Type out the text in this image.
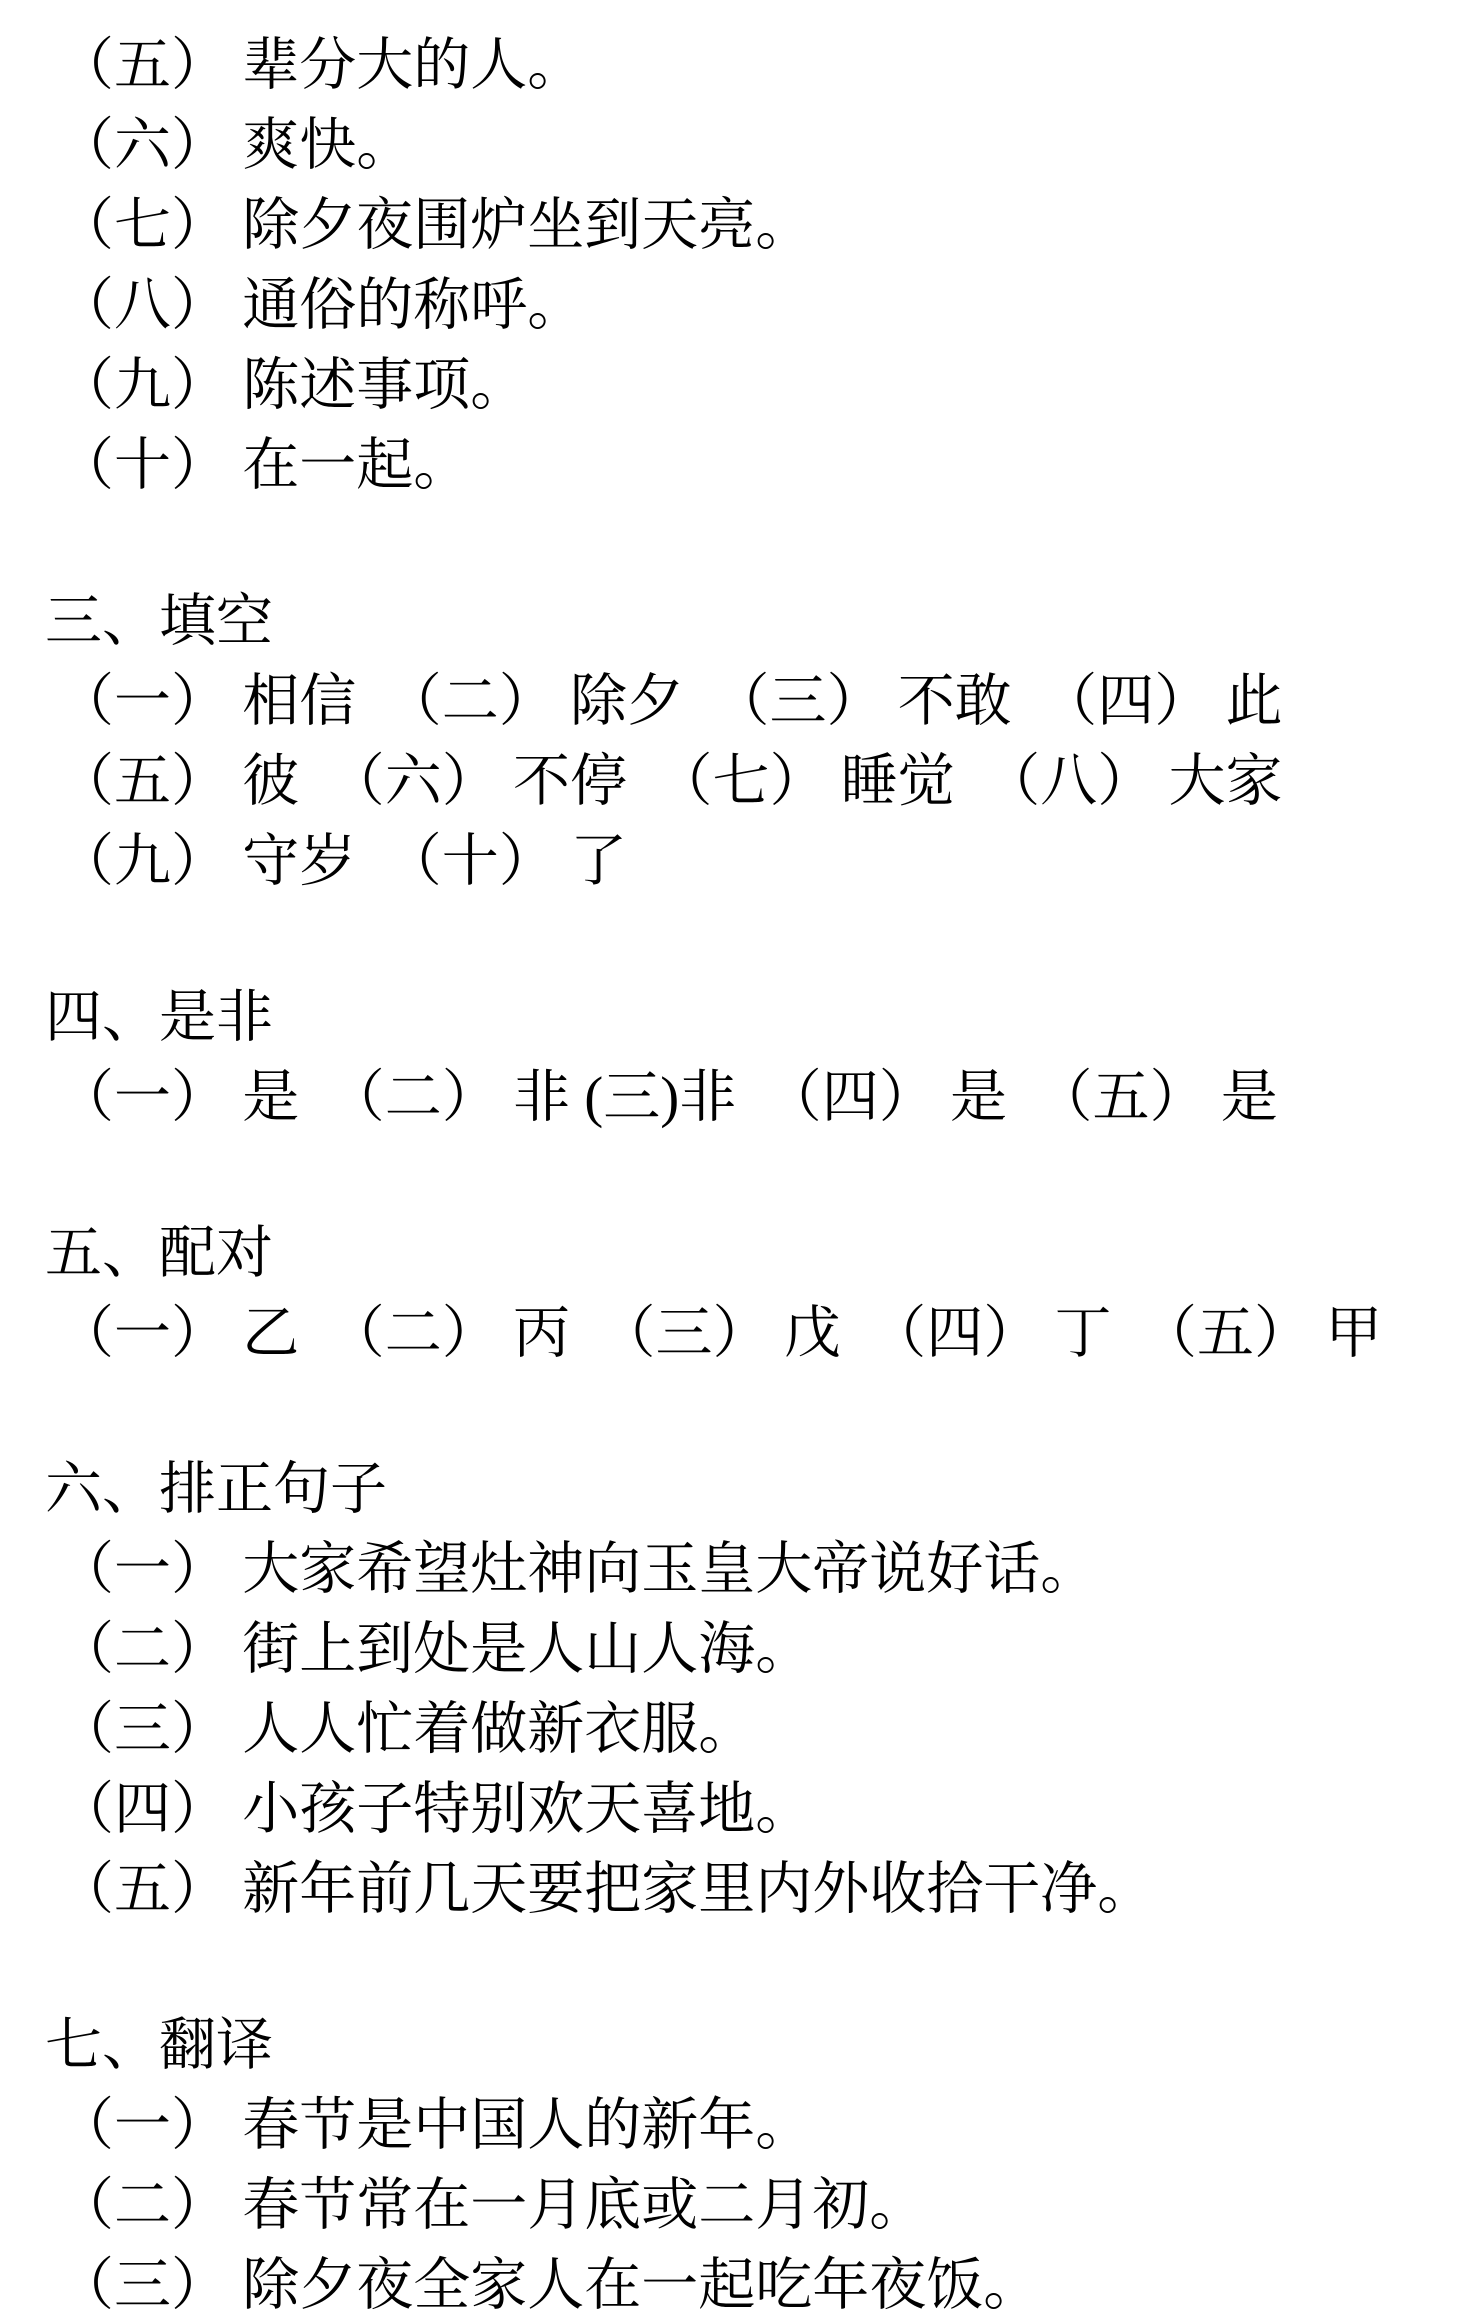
（五） 辈分大的人。
（六） 爽快。
（七） 除夕夜围炉坐到天亮。
（八） 通俗的称呼。
（九） 陈述事项。
（十） 在一起。
三、填空
（一） 相信　（二） 除夕　（三） 不敢　（四） 此
（五） 彼　（六） 不停　（七） 睡觉　（八） 大家
（九） 守岁　（十） 了
四、是非
（一） 是　（二） 非 (三)非　（四） 是　（五） 是
五、配对
（一） 乙　（二） 丙　（三） 戊　（四） 丁　（五） 甲
六、排正句子
（一） 大家希望灶神向玉皇大帝说好话。
（二） 街上到处是人山人海。
（三） 人人忙着做新衣服。
（四） 小孩子特别欢天喜地。
（五） 新年前几天要把家里内外收拾干净。
七、翻译
（一） 春节是中国人的新年。
（二） 春节常在一月底或二月初。
（三） 除夕夜全家人在一起吃年夜饭。
